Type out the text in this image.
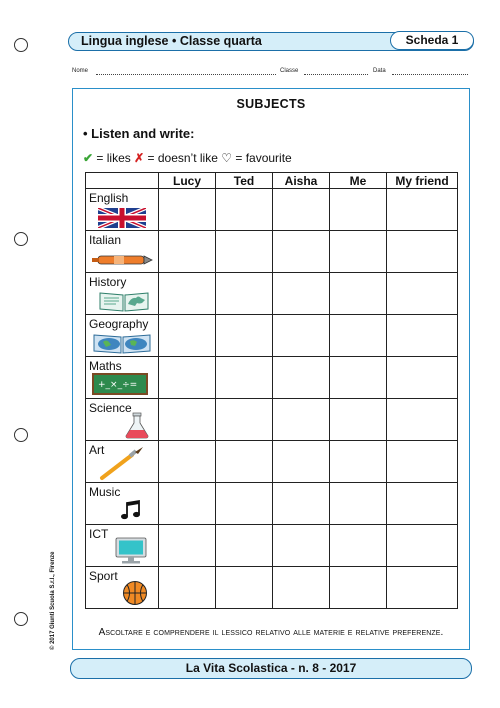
Lingua inglese • Classe quarta	Scheda 1
Nome	Classe	Data
SUBJECTS
• Listen and write:
✔ = likes ✗ = doesn’t like ♡ = favourite
	Lucy	Ted	Aisha	Me	My friend

English					

Italian					

History					

Geography					

Maths
+_×_÷=					

Science					

Art					

Music					

ICT					

Sport					

Ascoltare e comprendere il lessico relativo alle materie e relative preferenze.
© 2017 Giunti Scuola S.r.l., Firenze
La Vita Scolastica - n. 8 - 2017
